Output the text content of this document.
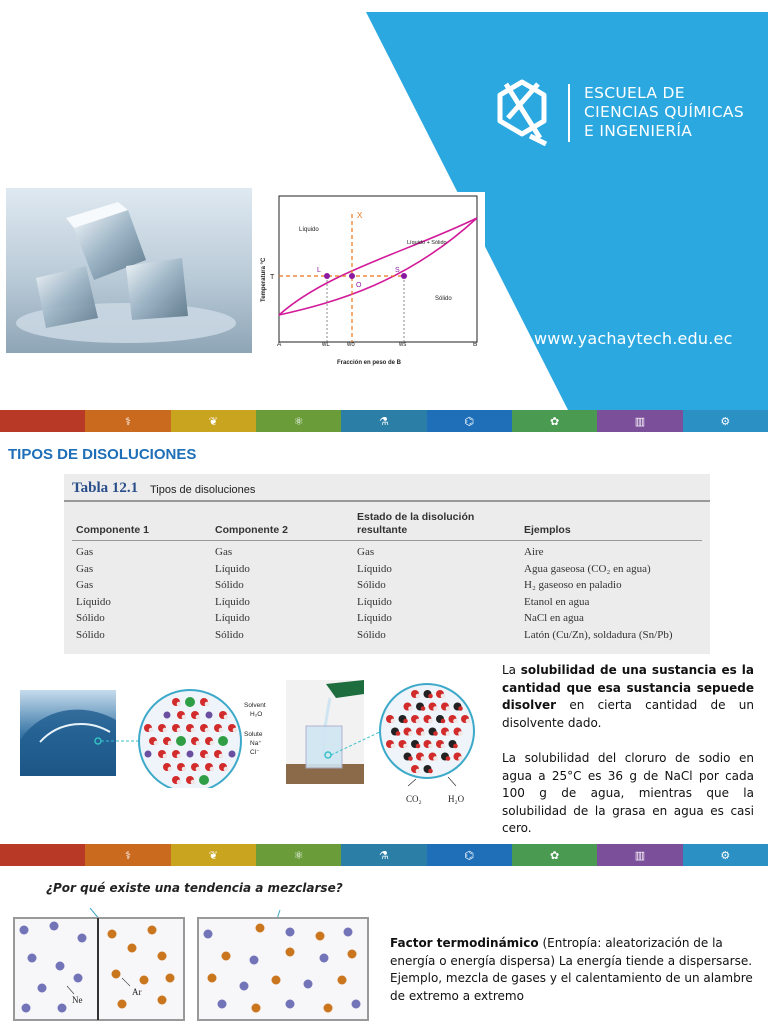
ESCUELA DE
CIENCIAS QUÍMICAS
E INGENIERÍA
www.yachaytech.edu.ec
X
L
O
S
T
Líquido
Líquido + Sólido
Sólido
A	wL	wo	ws	B
Fracción en peso de B
Temperatura °C
⚕	❦	⚛	⚗	⌬	✿	▥	⚙
TIPOS DE DISOLUCIONES
Tabla 12.1 Tipos de disoluciones
Componente 1	Componente 2
Estado de la disolución resultante	Ejemplos
Gas	Gas	Gas	Aire
Gas	Líquido	Líquido	Agua gaseosa (CO₂ en agua)
Gas	Sólido	Sólido	H₂ gaseoso en paladio
Líquido	Líquido	Líquido	Etanol en agua
Sólido	Líquido	Líquido	NaCl en agua
Sólido	Sólido	Sólido	Latón (Cu/Zn), soldadura (Sn/Pb)
Solvent
H₂O
Solute
Na⁺
Cl⁻
CO₂	H₂O
La solubilidad de una sustancia es la cantidad que esa sustancia sepuede disolver en cierta cantidad de un disolvente dado.
La solubilidad del cloruro de sodio en agua a 25°C es 36 g de NaCl por cada 100 g de agua, mientras que la solubilidad de la grasa en agua es casi cero.
⚕	❦	⚛	⚗	⌬	✿	▥	⚙
¿Por qué existe una tendencia a mezclarse?
Ne
Ar
Factor termodinámico (Entropía: aleatorización de la energía o energía dispersa) La energía tiende a dispersarse. Ejemplo, mezcla de gases y el calentamiento de un alambre de extremo a extremo
